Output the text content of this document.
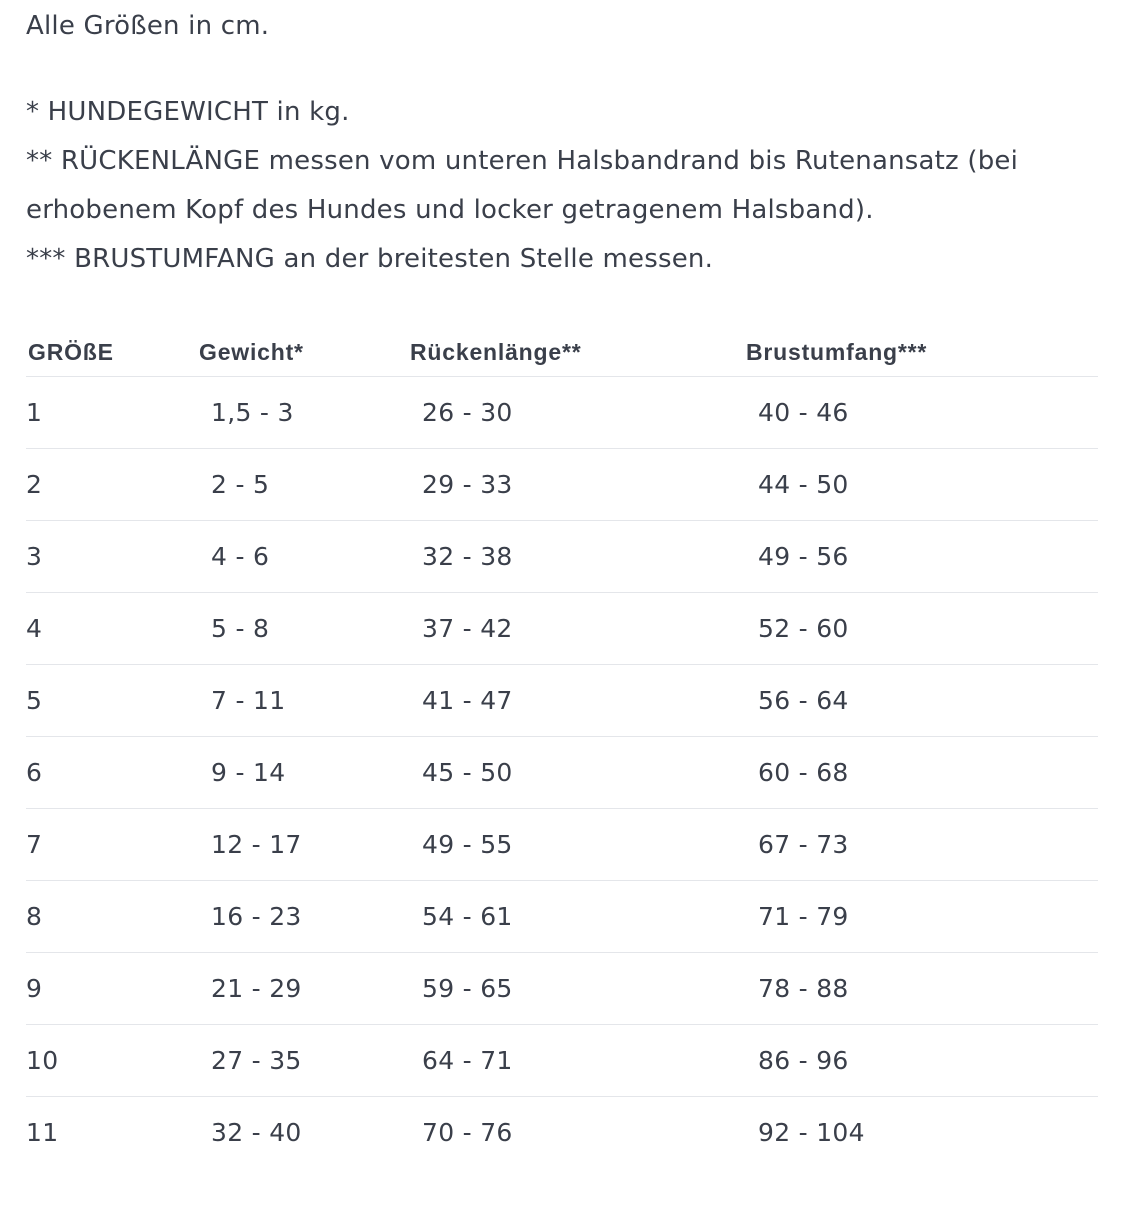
Alle Größen in cm.

* HUNDEGEWICHT in kg.

** RÜCKENLÄNGE messen vom unteren Halsbandrand bis Rutenansatz (bei erhobenem Kopf des Hundes und locker getragenem Halsband).

*** BRUSTUMFANG an der breitesten Stelle messen.

GRÖßE	Gewicht*	Rückenlänge**	Brustumfang***
1	1,5 - 3	26 - 30	40 - 46
2	2 - 5	29 - 33	44 - 50
3	4 - 6	32 - 38	49 - 56
4	5 - 8	37 - 42	52 - 60
5	7 - 11	41 - 47	56 - 64
6	9 - 14	45 - 50	60 - 68
7	12 - 17	49 - 55	67 - 73
8	16 - 23	54 - 61	71 - 79
9	21 - 29	59 - 65	78 - 88
10	27 - 35	64 - 71	86 - 96
11	32 - 40	70 - 76	92 - 104
